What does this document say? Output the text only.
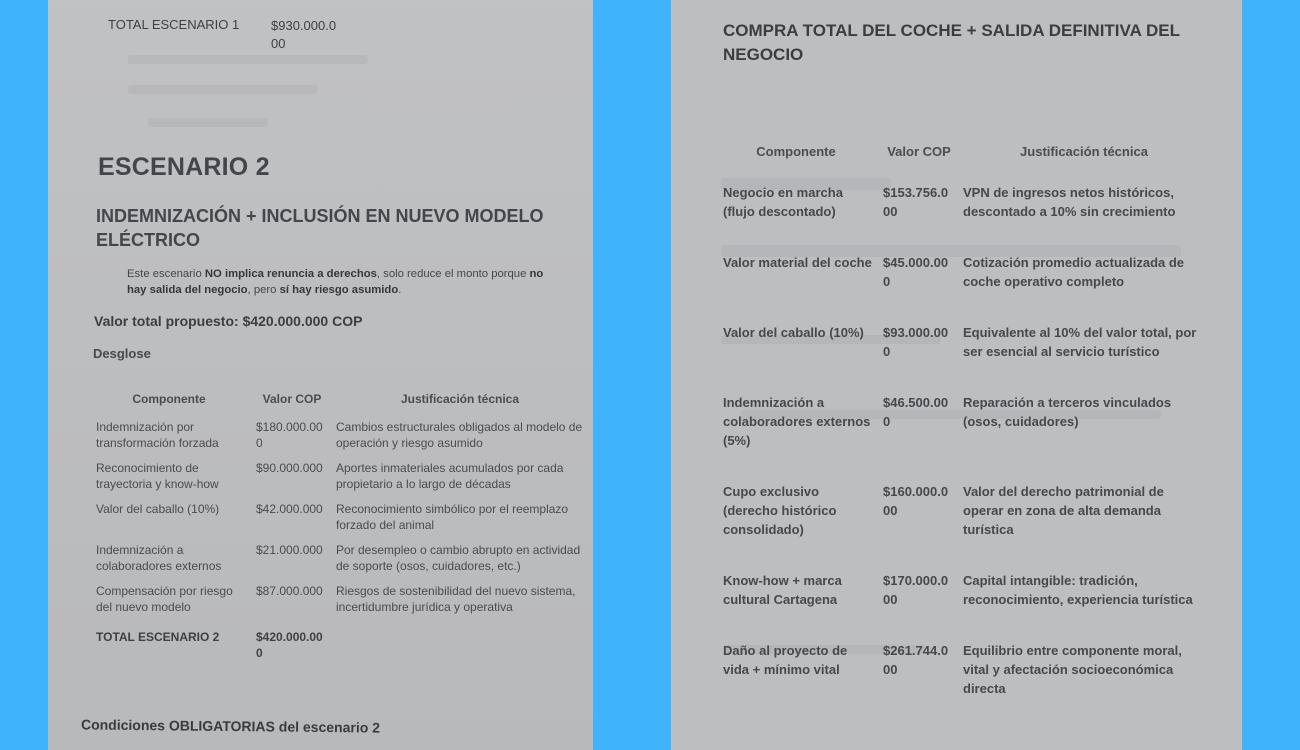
TOTAL ESCENARIO 1 $930.000.000
ESCENARIO 2
INDEMNIZACIÓN + INCLUSIÓN EN NUEVO MODELO ELÉCTRICO

Este escenario NO implica renuncia a derechos, solo reduce el monto porque no hay salida del negocio, pero sí hay riesgo asumido.

Valor total propuesto: $420.000.000 COP
Desglose
Componente	Valor COP	Justificación técnica
Indemnización por transformación forzada	$180.000.000	Cambios estructurales obligados al modelo de operación y riesgo asumido
Reconocimiento de trayectoria y know-how	$90.000.000	Aportes inmateriales acumulados por cada propietario a lo largo de décadas
Valor del caballo (10%)	$42.000.000	Reconocimiento simbólico por el reemplazo forzado del animal
Indemnización a colaboradores externos	$21.000.000	Por desempleo o cambio abrupto en actividad de soporte (osos, cuidadores, etc.)
Compensación por riesgo del nuevo modelo	$87.000.000	Riesgos de sostenibilidad del nuevo sistema, incertidumbre jurídica y operativa
TOTAL ESCENARIO 2	$420.000.000	
Condiciones OBLIGATORIAS del escenario 2
COMPRA TOTAL DEL COCHE + SALIDA DEFINITIVA DEL NEGOCIO
Componente	Valor COP	Justificación técnica
Negocio en marcha (flujo descontado)	$153.756.000	VPN de ingresos netos históricos, descontado a 10% sin crecimiento
Valor material del coche	$45.000.000	Cotización promedio actualizada de coche operativo completo
Valor del caballo (10%)	$93.000.000	Equivalente al 10% del valor total, por ser esencial al servicio turístico
Indemnización a colaboradores externos (5%)	$46.500.000	Reparación a terceros vinculados (osos, cuidadores)
Cupo exclusivo (derecho histórico consolidado)	$160.000.000	Valor del derecho patrimonial de operar en zona de alta demanda turística
Know-how + marca cultural Cartagena	$170.000.000	Capital intangible: tradición, reconocimiento, experiencia turística
Daño al proyecto de vida + mínimo vital	$261.744.000	Equilibrio entre componente moral, vital y afectación socioeconómica directa
